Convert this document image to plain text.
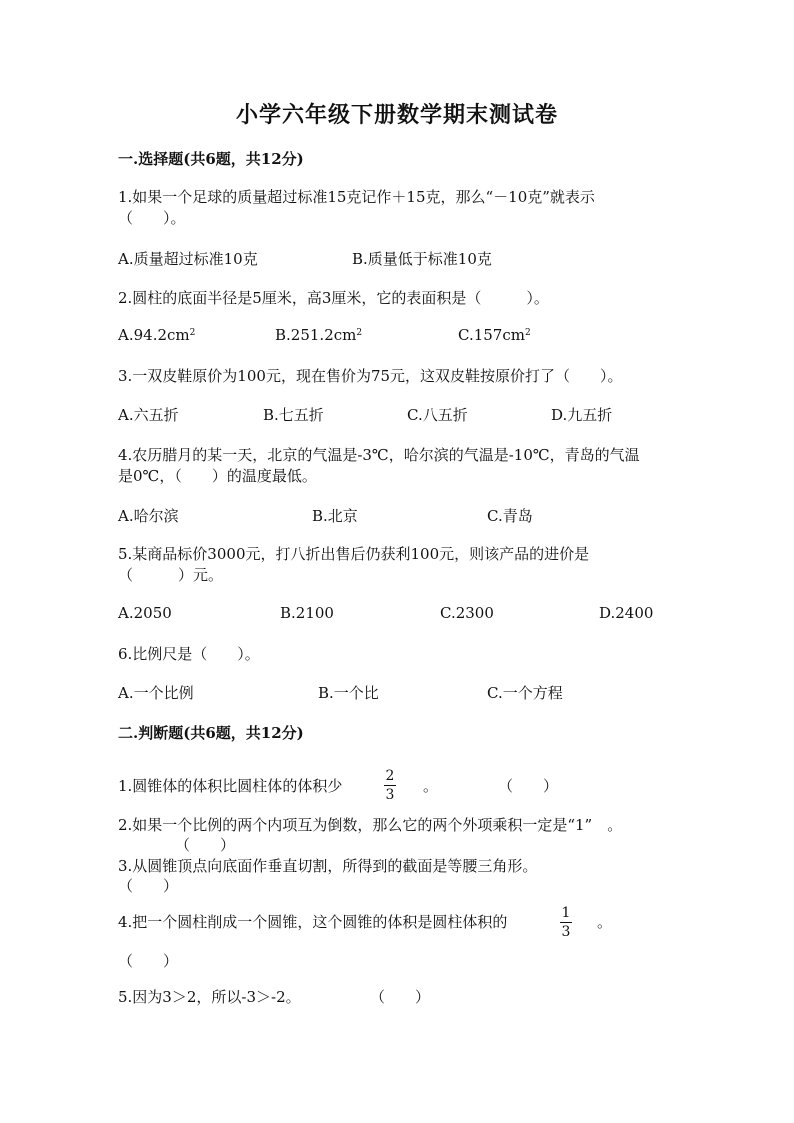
小学六年级下册数学期末测试卷
一.选择题(共6题，共12分)
1.如果一个足球的质量超过标准15克记作＋15克，那么“－10克”就表示
（　　）。
A.质量超过标准10克	B.质量低于标准10克
2.圆柱的底面半径是5厘米，高3厘米，它的表面积是（　　　）。
$A.94.2cm^2$	$B.251.2cm^2$	$C.157cm^2$
3.一双皮鞋原价为100元，现在售价为75元，这双皮鞋按原价打了（　　）。
A.六五折	B.七五折	C.八五折	D.九五折
4.农历腊月的某一天，北京的气温是-3℃，哈尔滨的气温是-10℃，青岛的气温
是0℃，（　　）的温度最低。
A.哈尔滨	B.北京	C.青岛
5.某商品标价3000元，打八折出售后仍获利100元，则该产品的进价是
（　　　）元。
A.2050	B.2100	C.2300	D.2400
6.比例尺是（　　）。
A.一个比例	B.一个比	C.一个方程
二.判断题(共6题，共12分)
1.圆锥体的体积比圆柱体的体积少
2
3 。	（　　）
2.如果一个比例的两个内项互为倒数，那么它的两个外项乘积一定是“1”　。
（　　）
3.从圆锥顶点向底面作垂直切割，所得到的截面是等腰三角形。
（　　）
4.把一个圆柱削成一个圆锥，这个圆锥的体积是圆柱体积的	1
3
。
（　　）
5.因为3＞2，所以-3＞-2。	（　　）
